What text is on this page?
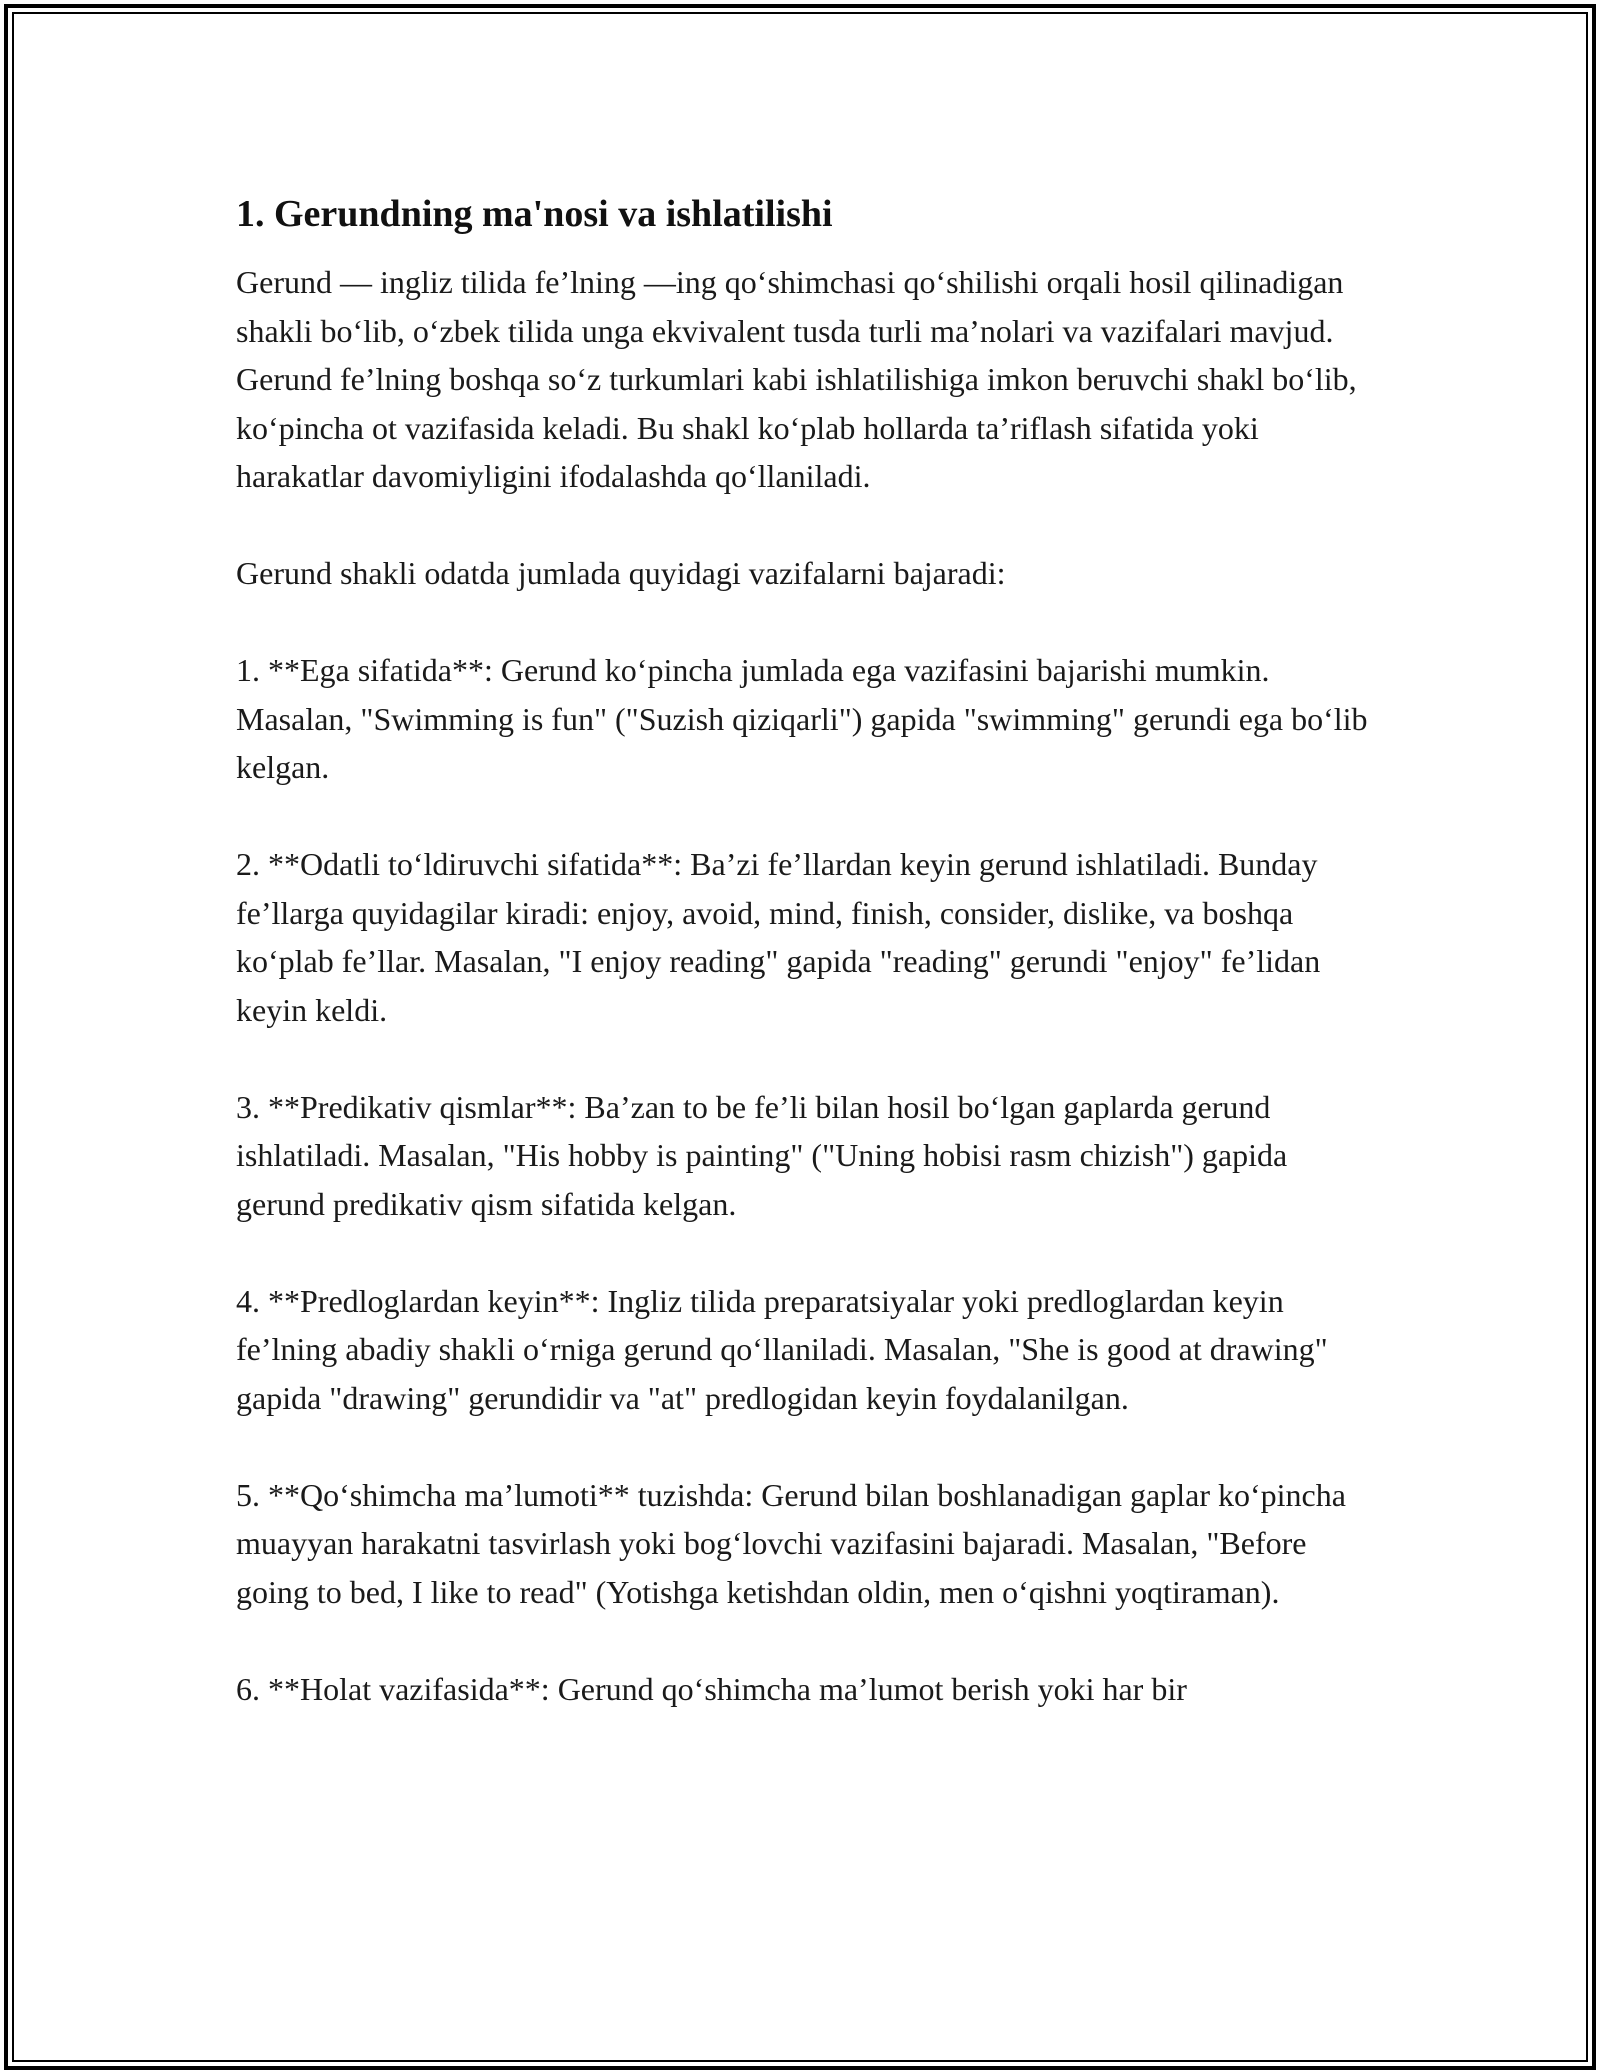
1. Gerundning ma'nosi va ishlatilishi

Gerund — ingliz tilida fe’lning —ing qo‘shimchasi qo‘shilishi orqali hosil qilinadigan shakli bo‘lib, o‘zbek tilida unga ekvivalent tusda turli ma’nolari va vazifalari mavjud. Gerund fe’lning boshqa so‘z turkumlari kabi ishlatilishiga imkon beruvchi shakl bo‘lib, ko‘pincha ot vazifasida keladi. Bu shakl ko‘plab hollarda ta’riflash sifatida yoki harakatlar davomiyligini ifodalashda qo‘llaniladi.

Gerund shakli odatda jumlada quyidagi vazifalarni bajaradi:

1. **Ega sifatida**: Gerund ko‘pincha jumlada ega vazifasini bajarishi mumkin. Masalan, "Swimming is fun" ("Suzish qiziqarli") gapida "swimming" gerundi ega bo‘lib kelgan.

2. **Odatli to‘ldiruvchi sifatida**: Ba’zi fe’llardan keyin gerund ishlatiladi. Bunday fe’llarga quyidagilar kiradi: enjoy, avoid, mind, finish, consider, dislike, va boshqa ko‘plab fe’llar. Masalan, "I enjoy reading" gapida "reading" gerundi "enjoy" fe’lidan keyin keldi.

3. **Predikativ qismlar**: Ba’zan to be fe’li bilan hosil bo‘lgan gaplarda gerund ishlatiladi. Masalan, "His hobby is painting" ("Uning hobisi rasm chizish") gapida gerund predikativ qism sifatida kelgan.

4. **Predloglardan keyin**: Ingliz tilida preparatsiyalar yoki predloglardan keyin fe’lning abadiy shakli o‘rniga gerund qo‘llaniladi. Masalan, "She is good at drawing" gapida "drawing" gerundidir va "at" predlogidan keyin foydalanilgan.

5. **Qo‘shimcha ma’lumoti** tuzishda: Gerund bilan boshlanadigan gaplar ko‘pincha muayyan harakatni tasvirlash yoki bog‘lovchi vazifasini bajaradi. Masalan, "Before going to bed, I like to read" (Yotishga ketishdan oldin, men o‘qishni yoqtiraman).

6. **Holat vazifasida**: Gerund qo‘shimcha ma’lumot berish yoki har bir
